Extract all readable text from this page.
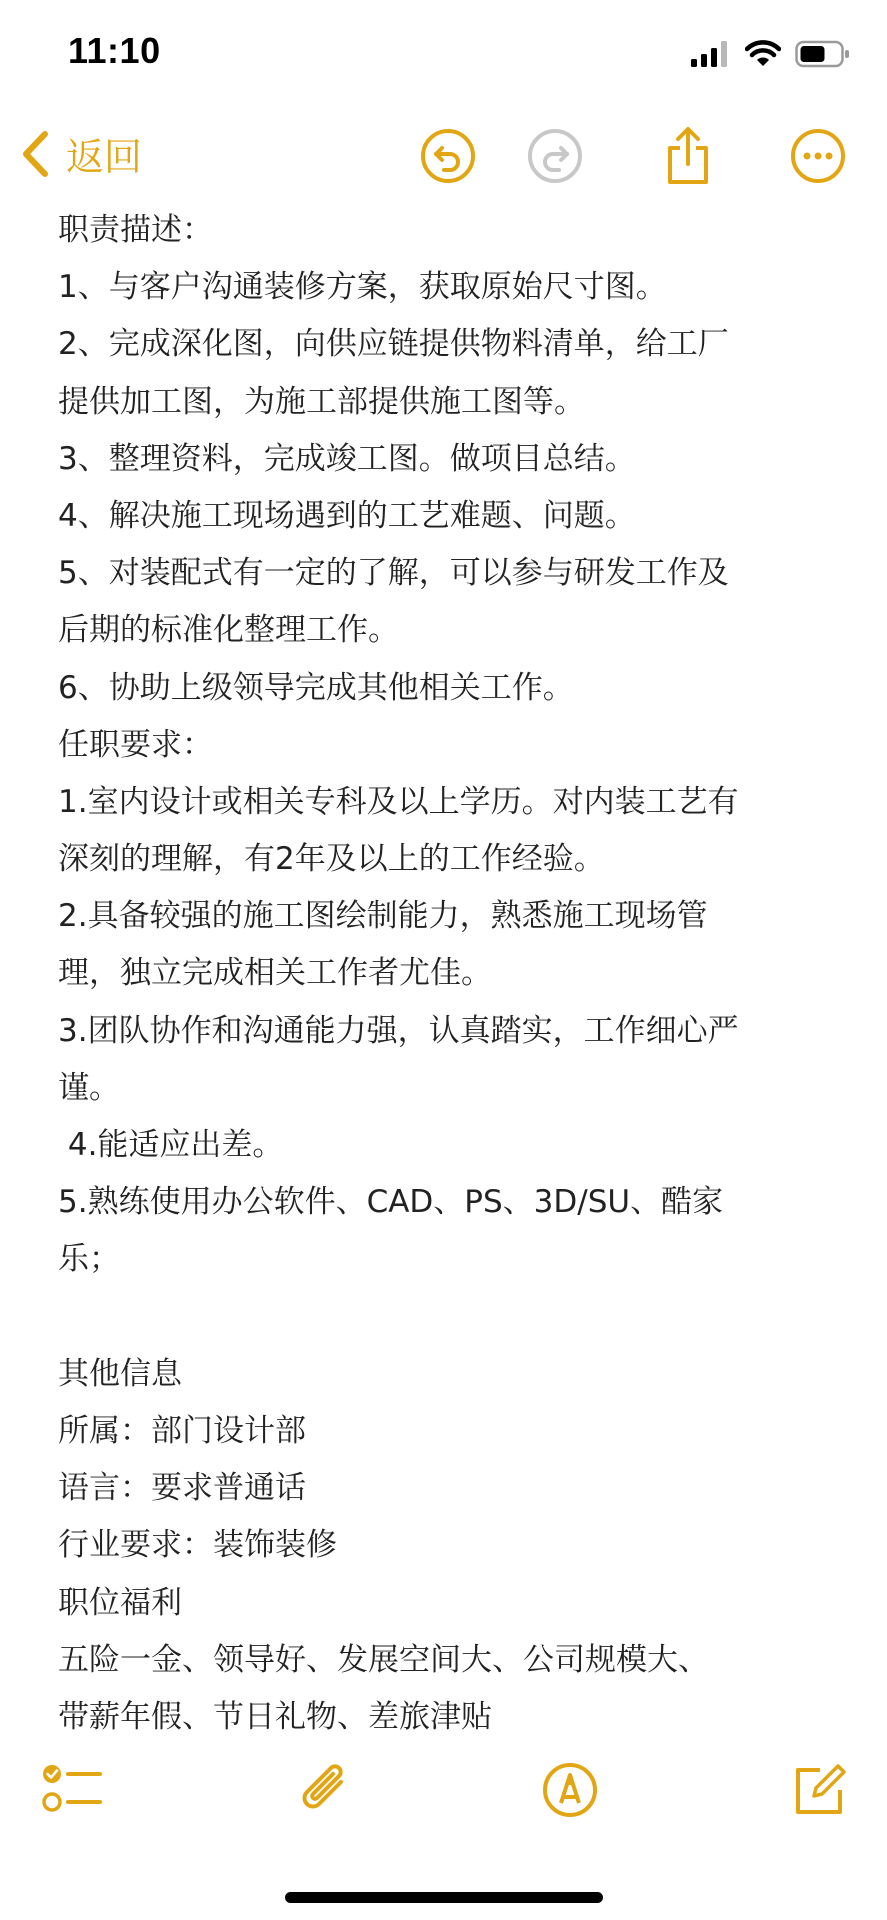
11:10
返回
职责描述：
1、与客户沟通装修方案，获取原始尺寸图。
2、完成深化图，向供应链提供物料清单，给工厂
提供加工图，为施工部提供施工图等。
3、整理资料，完成竣工图。做项目总结。
4、解决施工现场遇到的工艺难题、问题。
5、对装配式有一定的了解，可以参与研发工作及
后期的标准化整理工作。
6、协助上级领导完成其他相关工作。
任职要求：
1.室内设计或相关专科及以上学历。对内装工艺有
深刻的理解，有2年及以上的工作经验。
2.具备较强的施工图绘制能力，熟悉施工现场管
理，独立完成相关工作者尤佳。
3.团队协作和沟通能力强，认真踏实，工作细心严
谨。
4.能适应出差。
5.熟练使用办公软件、CAD、PS、3D/SU、酷家
乐；
其他信息
所属：部门设计部
语言：要求普通话
行业要求：装饰装修
职位福利
五险一金、领导好、发展空间大、公司规模大、
带薪年假、节日礼物、差旅津贴
